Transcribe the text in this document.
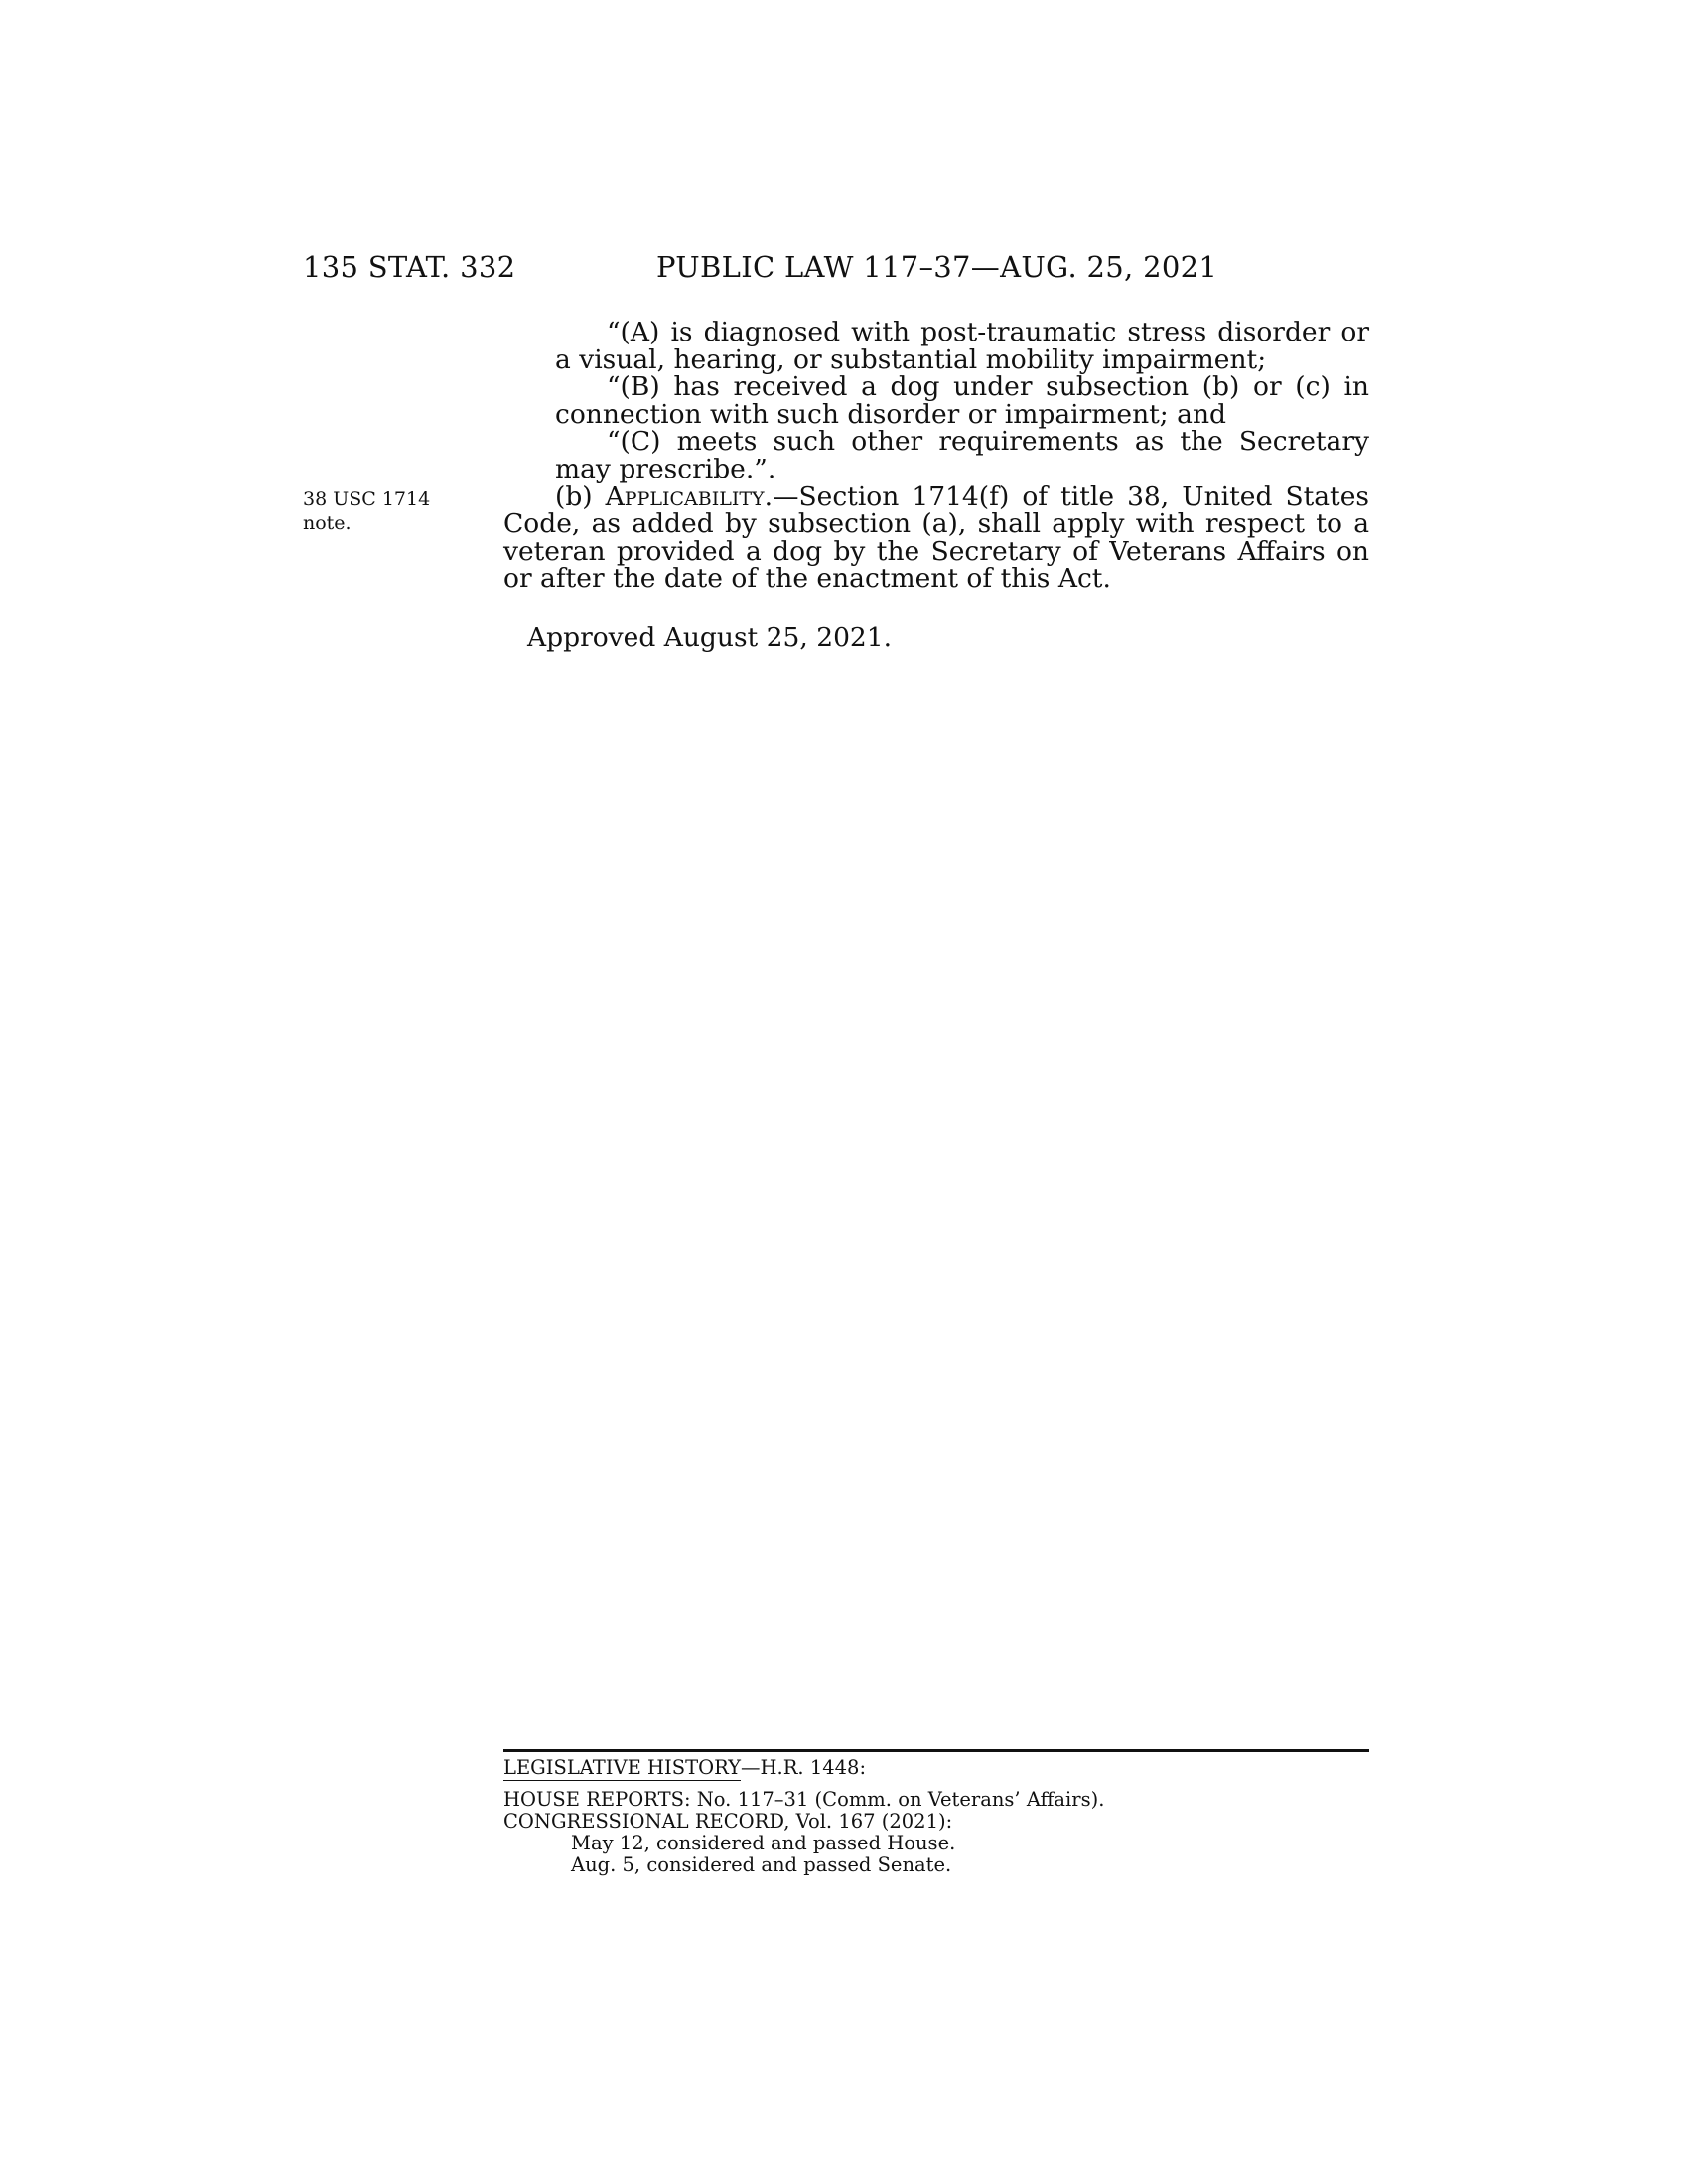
135 STAT. 332	PUBLIC LAW 117–37—AUG. 25, 2021
38 USC 1714
note.
“(A) is diagnosed with post-traumatic stress disorder or a visual, hearing, or substantial mobility impairment;
“(B) has received a dog under subsection (b) or (c) in connection with such disorder or impairment; and
“(C) meets such other requirements as the Secretary may prescribe.”.
(b) Applicability.—Section 1714(f) of title 38, United States Code, as added by subsection (a), shall apply with respect to a veteran provided a dog by the Secretary of Veterans Affairs on or after the date of the enactment of this Act.
Approved August 25, 2021.
LEGISLATIVE HISTORY—H.R. 1448:
HOUSE REPORTS: No. 117–31 (Comm. on Veterans’ Affairs).
CONGRESSIONAL RECORD, Vol. 167 (2021):
May 12, considered and passed House.
Aug. 5, considered and passed Senate.
